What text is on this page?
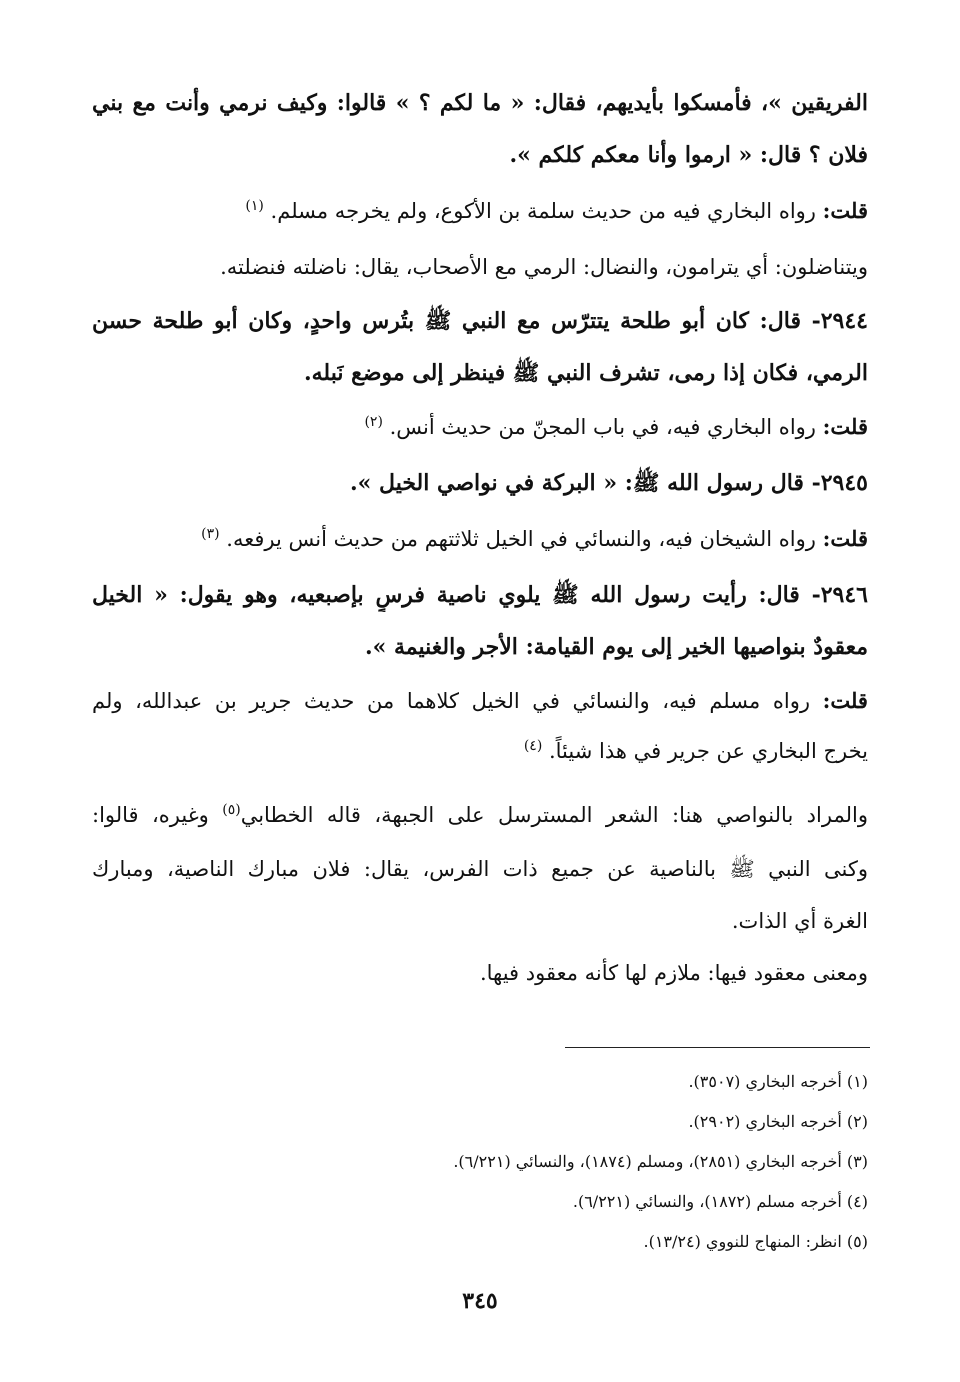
الفريقين »، فأمسكوا بأيديهم، فقال: « ما لكم ؟ » قالوا: وكيف نرمي وأنت مع بني
فلان ؟ قال: « ارموا وأنا معكم كلكم ».
قلت: رواه البخاري فيه من حديث سلمة بن الأكوع، ولم يخرجه مسلم. $^{(١)}$
ويتناضلون: أي يترامون، والنضال: الرمي مع الأصحاب، يقال: ناضلته فنضلته.
٢٩٤٤- قال: كان أبو طلحة يتترّس مع النبي ﷺ بتُرس واحدٍ، وكان أبو طلحة حسن
الرمي، فكان إذا رمى، تشرف النبي ﷺ فينظر إلى موضع نَبله.
قلت: رواه البخاري فيه، في باب المجنّ من حديث أنس. $^{(٢)}$
٢٩٤٥- قال رسول الله ﷺ: « البركة في نواصي الخيل ».
قلت: رواه الشيخان فيه، والنسائي في الخيل ثلاثتهم من حديث أنس يرفعه. $^{(٣)}$
٢٩٤٦- قال: رأيت رسول الله ﷺ يلوي ناصية فرسٍ بإصبعيه، وهو يقول: « الخيل
معقودٌ بنواصيها الخير إلى يوم القيامة: الأجر والغنيمة ».
قلت: رواه مسلم فيه، والنسائي في الخيل كلاهما من حديث جرير بن عبدالله، ولم
يخرج البخاري عن جرير في هذا شيئاً. $^{(٤)}$
والمراد بالنواصي هنا: الشعر المسترسل على الجبهة، قاله الخطابي$^{(٥)}$ وغيره، قالوا:
وكنى النبي ﷺ بالناصية عن جميع ذات الفرس، يقال: فلان مبارك الناصية، ومبارك
الغرة أي الذات.
ومعنى معقود فيها: ملازم لها كأنه معقود فيها.
(١) أخرجه البخاري (٣٥٠٧).
(٢) أخرجه البخاري (٢٩٠٢).
(٣) أخرجه البخاري (٢٨٥١)، ومسلم (١٨٧٤)، والنسائي (٦/٢٢١).
(٤) أخرجه مسلم (١٨٧٢)، والنسائي (٦/٢٢١).
(٥) انظر: المنهاج للنووي (١٣/٢٤).
٣٤٥
